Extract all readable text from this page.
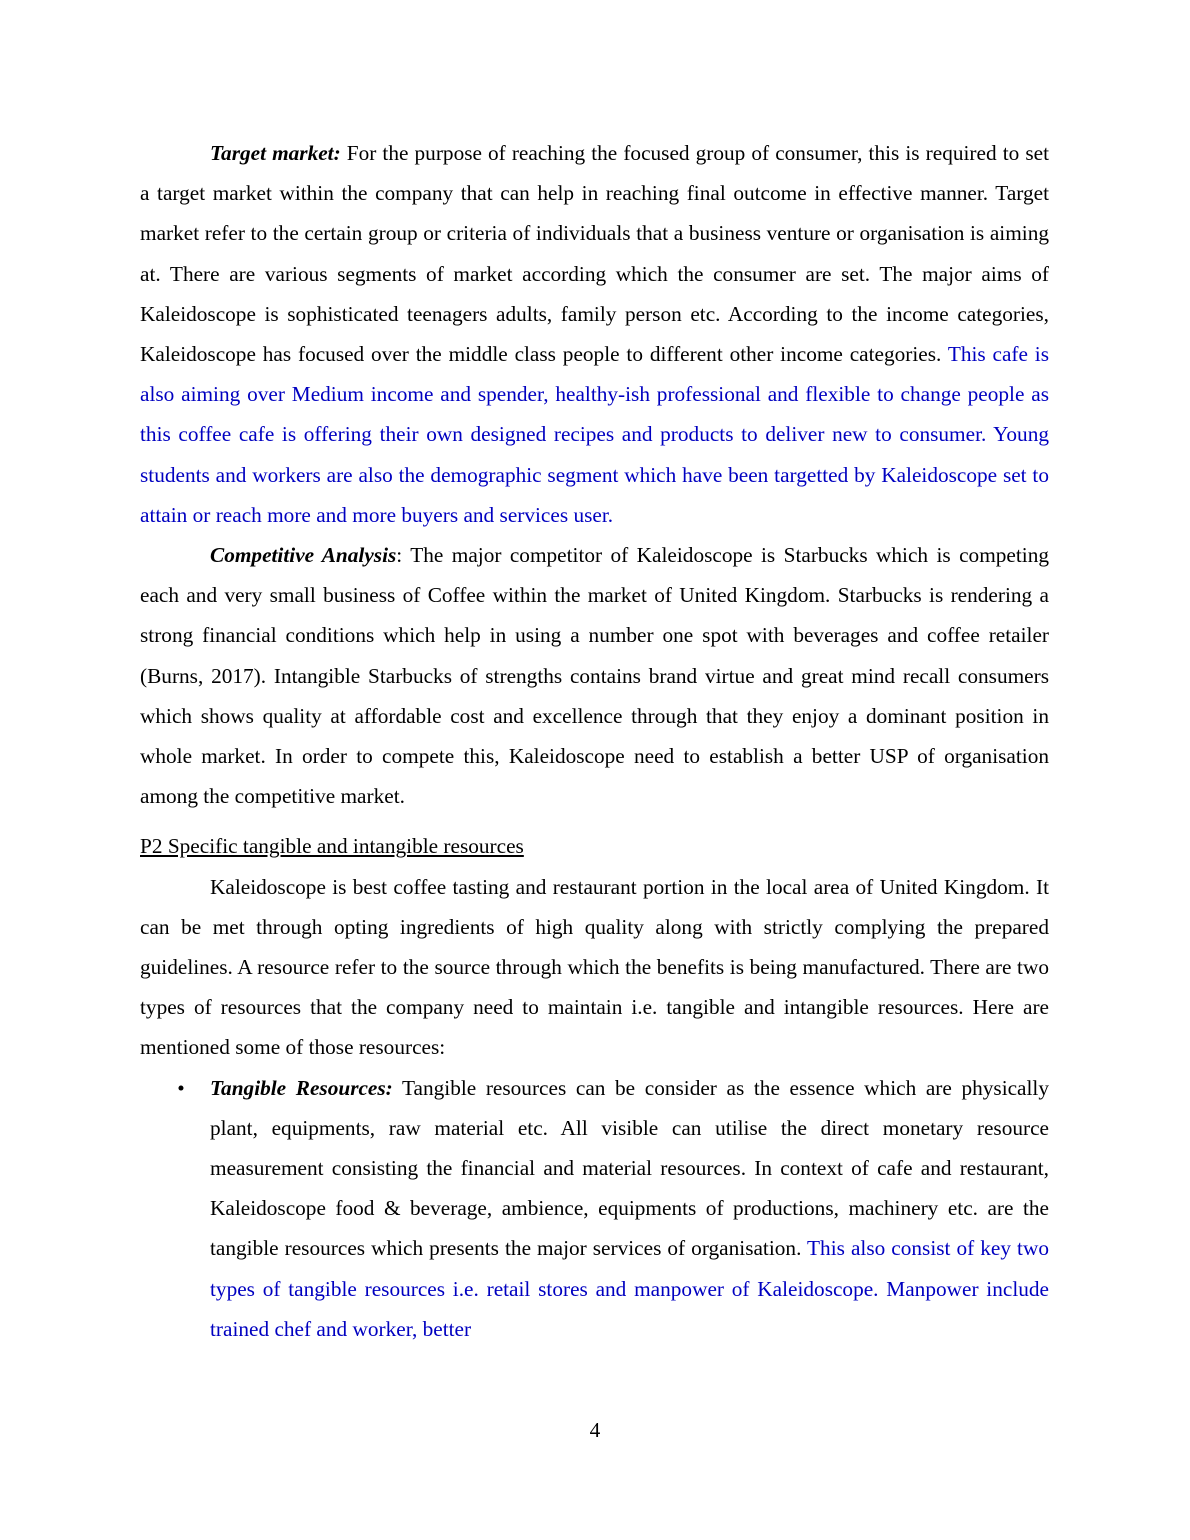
Target market: For the purpose of reaching the focused group of consumer, this is required to set a target market within the company that can help in reaching final outcome in effective manner. Target market refer to the certain group or criteria of individuals that a business venture or organisation is aiming at. There are various segments of market according which the consumer are set. The major aims of Kaleidoscope is sophisticated teenagers adults, family person etc. According to the income categories, Kaleidoscope has focused over the middle class people to different other income categories. This cafe is also aiming over Medium income and spender, healthy-ish professional and flexible to change people as this coffee cafe is offering their own designed recipes and products to deliver new to consumer. Young students and workers are also the demographic segment which have been targetted by Kaleidoscope set to attain or reach more and more buyers and services user.

Competitive Analysis: The major competitor of Kaleidoscope is Starbucks which is competing each and very small business of Coffee within the market of United Kingdom. Starbucks is rendering a strong financial conditions which help in using a number one spot with beverages and coffee retailer (Burns, 2017). Intangible Starbucks of strengths contains brand virtue and great mind recall consumers which shows quality at affordable cost and excellence through that they enjoy a dominant position in whole market. In order to compete this, Kaleidoscope need to establish a better USP of organisation among the competitive market.

P2 Specific tangible and intangible resources

Kaleidoscope is best coffee tasting and restaurant portion in the local area of United Kingdom. It can be met through opting ingredients of high quality along with strictly complying the prepared guidelines. A resource refer to the source through which the benefits is being manufactured. There are two types of resources that the company need to maintain i.e. tangible and intangible resources. Here are mentioned some of those resources:

• Tangible Resources: Tangible resources can be consider as the essence which are physically plant, equipments, raw material etc. All visible can utilise the direct monetary resource measurement consisting the financial and material resources. In context of cafe and restaurant, Kaleidoscope food & beverage, ambience, equipments of productions, machinery etc. are the tangible resources which presents the major services of organisation. This also consist of key two types of tangible resources i.e. retail stores and manpower of Kaleidoscope. Manpower include trained chef and worker, better
4
